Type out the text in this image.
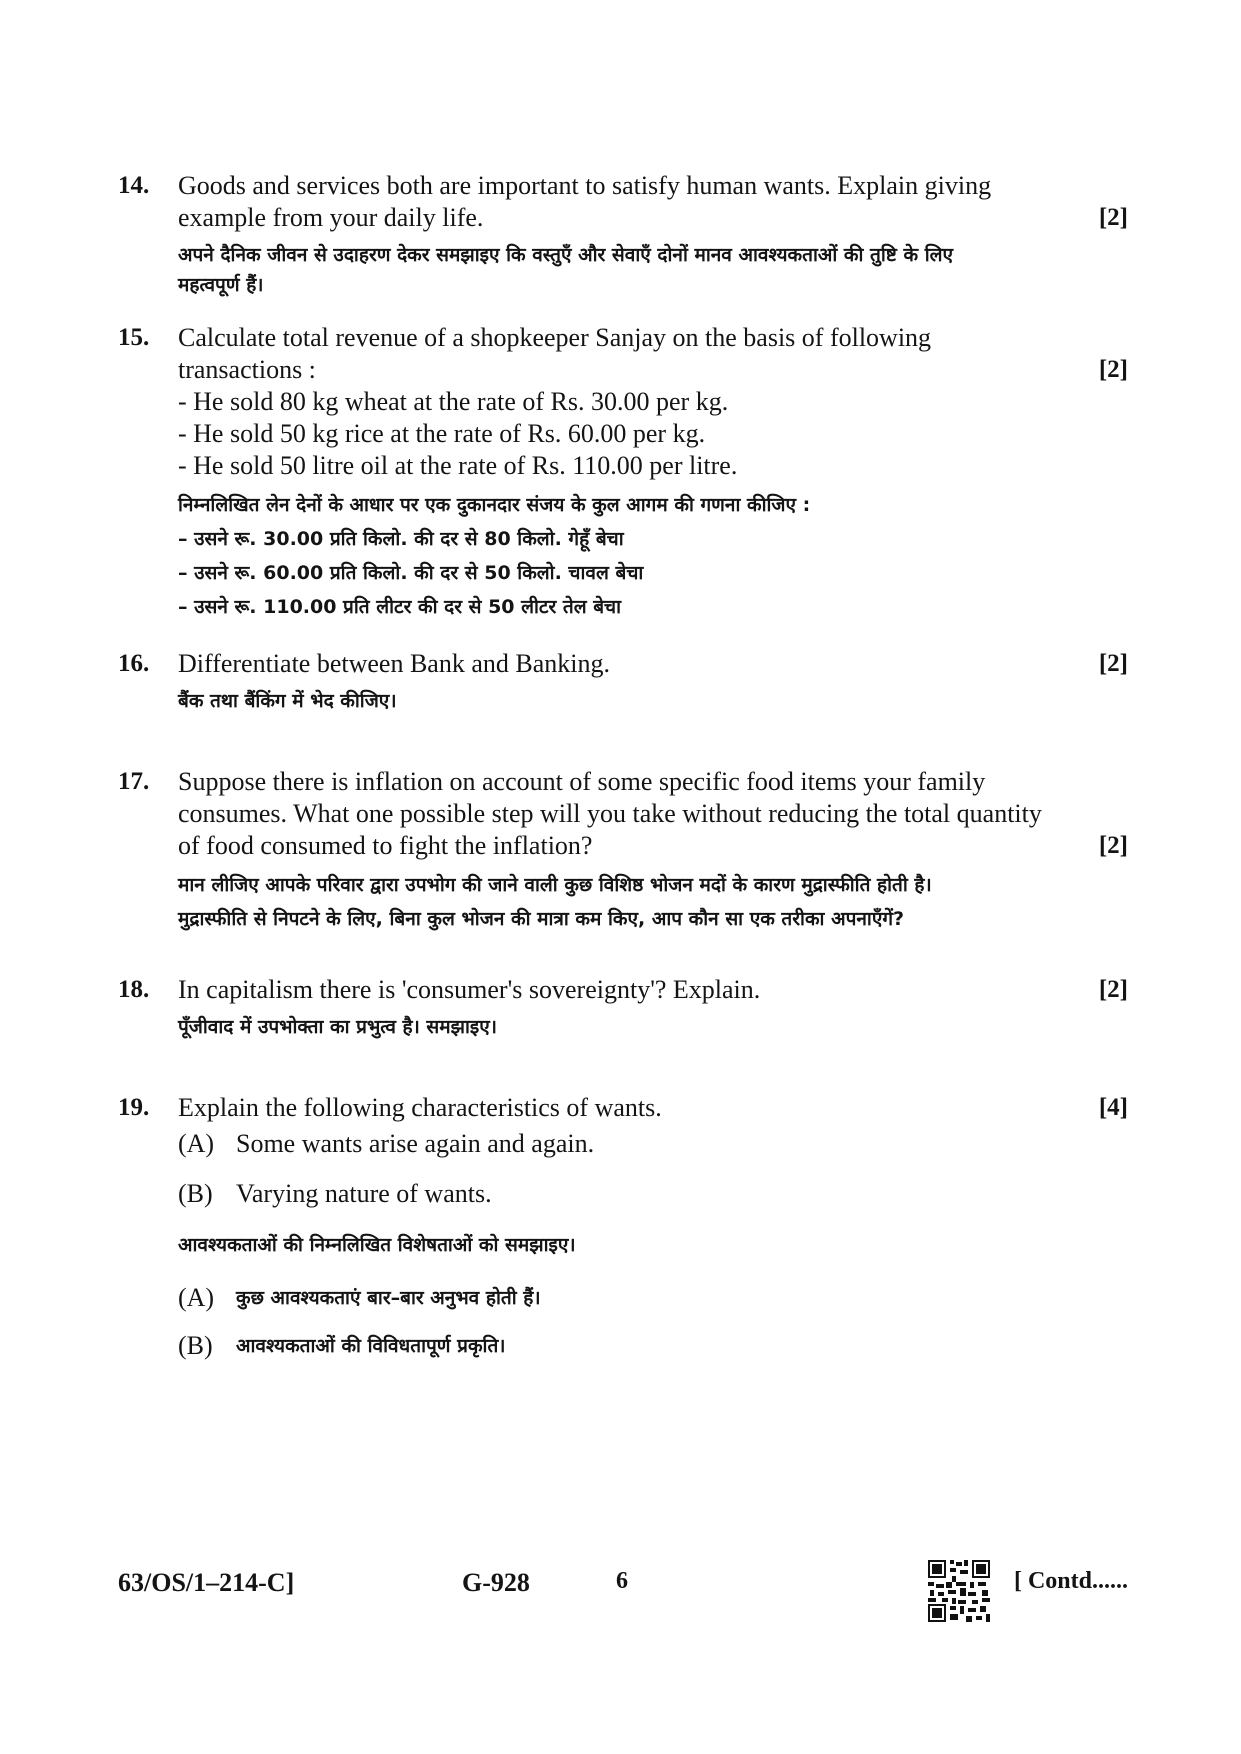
14. Goods and services both are important to satisfy human wants. Explain giving
example from your daily life.	[2]
अपने दैनिक जीवन से उदाहरण देकर समझाइए कि वस्तुएँ और सेवाएँ दोनों मानव आवश्यकताओं की तुष्टि के लिए
महत्वपूर्ण हैं।
15. Calculate total revenue of a shopkeeper Sanjay on the basis of following
transactions :	[2]
- He sold 80 kg wheat at the rate of Rs. 30.00 per kg.
- He sold 50 kg rice at the rate of Rs. 60.00 per kg.
- He sold 50 litre oil at the rate of Rs. 110.00 per litre.
निम्नलिखित लेन देनों के आधार पर एक दुकानदार संजय के कुल आगम की गणना कीजिए :
– उसने रू. 30.00 प्रति किलो. की दर से 80 किलो. गेहूँ बेचा
– उसने रू. 60.00 प्रति किलो. की दर से 50 किलो. चावल बेचा
– उसने रू. 110.00 प्रति लीटर की दर से 50 लीटर तेल बेचा
16. Differentiate between Bank and Banking.	[2]
बैंक तथा बैंकिंग में भेद कीजिए।
17. Suppose there is inflation on account of some specific food items your family
consumes. What one possible step will you take without reducing the total quantity
of food consumed to fight the inflation?	[2]
मान लीजिए आपके परिवार द्वारा उपभोग की जाने वाली कुछ विशिष्ठ भोजन मदों के कारण मुद्रास्फीति होती है।
मुद्रास्फीति से निपटने के लिए, बिना कुल भोजन की मात्रा कम किए, आप कौन सा एक तरीका अपनाएँगें?
18. In capitalism there is 'consumer's sovereignty'? Explain.	[2]
पूँजीवाद में उपभोक्ता का प्रभुत्व है। समझाइए।
19. Explain the following characteristics of wants.	[4]
(A) Some wants arise again and again.
(B) Varying nature of wants.
आवश्यकताओं की निम्नलिखित विशेषताओं को समझाइए।
(A)	कुछ आवश्यकताएं बार–बार अनुभव होती हैं।
(B)	आवश्यकताओं की विविधतापूर्ण प्रकृति।
63/OS/1–214-C]	G-928	6	[ Contd......
